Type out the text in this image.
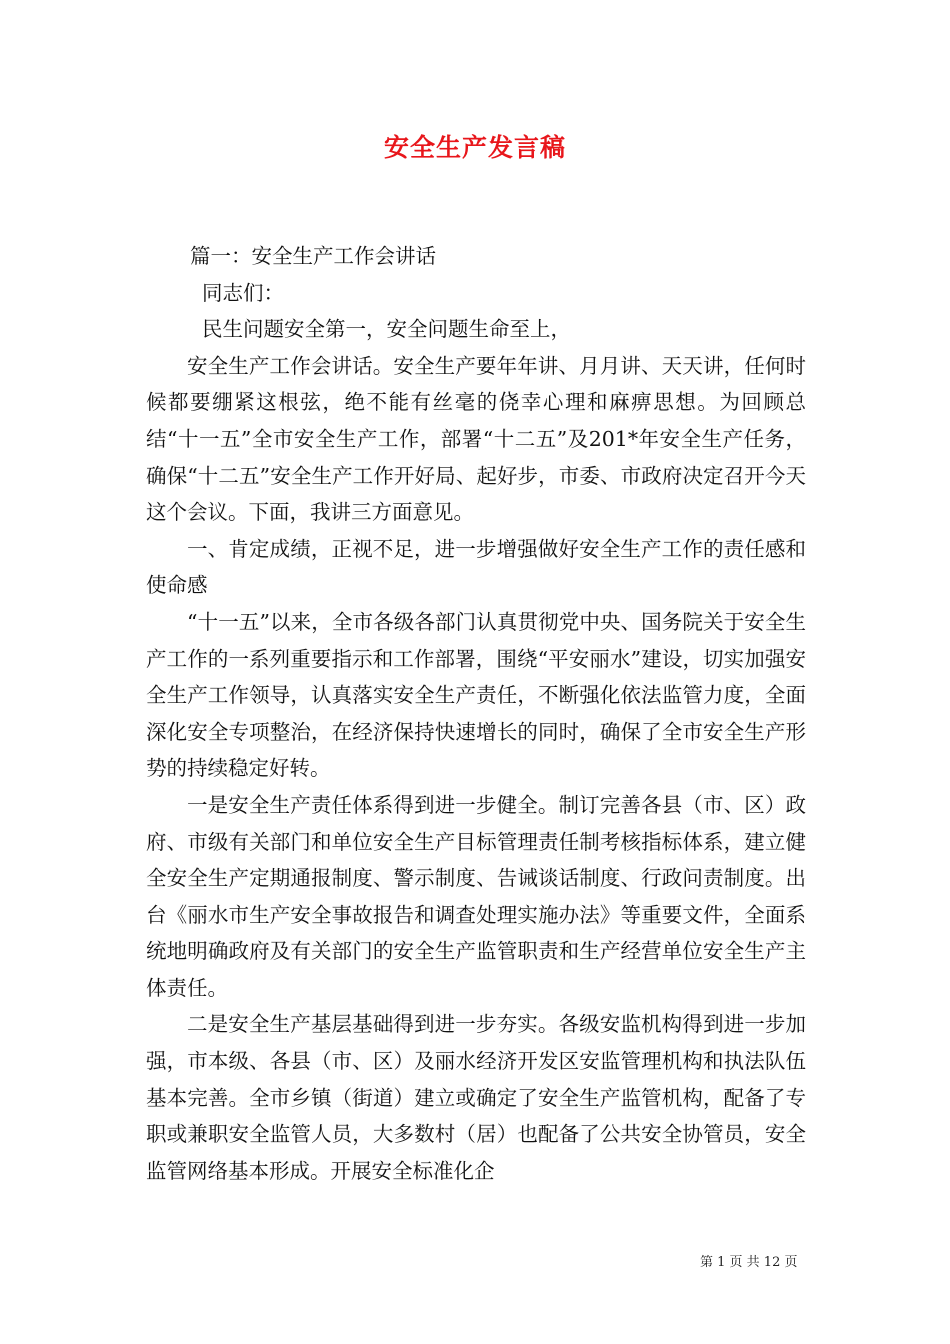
安全生产发言稿

篇一：安全生产工作会讲话

同志们：

民生问题安全第一，安全问题生命至上，

安全生产工作会讲话。安全生产要年年讲、月月讲、天天讲，任何时候都要绷紧这根弦，绝不能有丝毫的侥幸心理和麻痹思想。为回顾总结“十一五”全市安全生产工作，部署“十二五”及201*年安全生产任务，确保“十二五”安全生产工作开好局、起好步，市委、市政府决定召开今天这个会议。下面，我讲三方面意见。

一、肯定成绩，正视不足，进一步增强做好安全生产工作的责任感和使命感

“十一五”以来，全市各级各部门认真贯彻党中央、国务院关于安全生产工作的一系列重要指示和工作部署，围绕“平安丽水”建设，切实加强安全生产工作领导，认真落实安全生产责任，不断强化依法监管力度，全面深化安全专项整治，在经济保持快速增长的同时，确保了全市安全生产形势的持续稳定好转。

一是安全生产责任体系得到进一步健全。制订完善各县（市、区）政府、市级有关部门和单位安全生产目标管理责任制考核指标体系，建立健全安全生产定期通报制度、警示制度、告诫谈话制度、行政问责制度。出台《丽水市生产安全事故报告和调查处理实施办法》等重要文件，全面系统地明确政府及有关部门的安全生产监管职责和生产经营单位安全生产主体责任。

二是安全生产基层基础得到进一步夯实。各级安监机构得到进一步加强，市本级、各县（市、区）及丽水经济开发区安监管理机构和执法队伍基本完善。全市乡镇（街道）建立或确定了安全生产监管机构，配备了专职或兼职安全监管人员，大多数村（居）也配备了公共安全协管员，安全监管网络基本形成。开展安全标准化企

第 1 页 共 12 页
